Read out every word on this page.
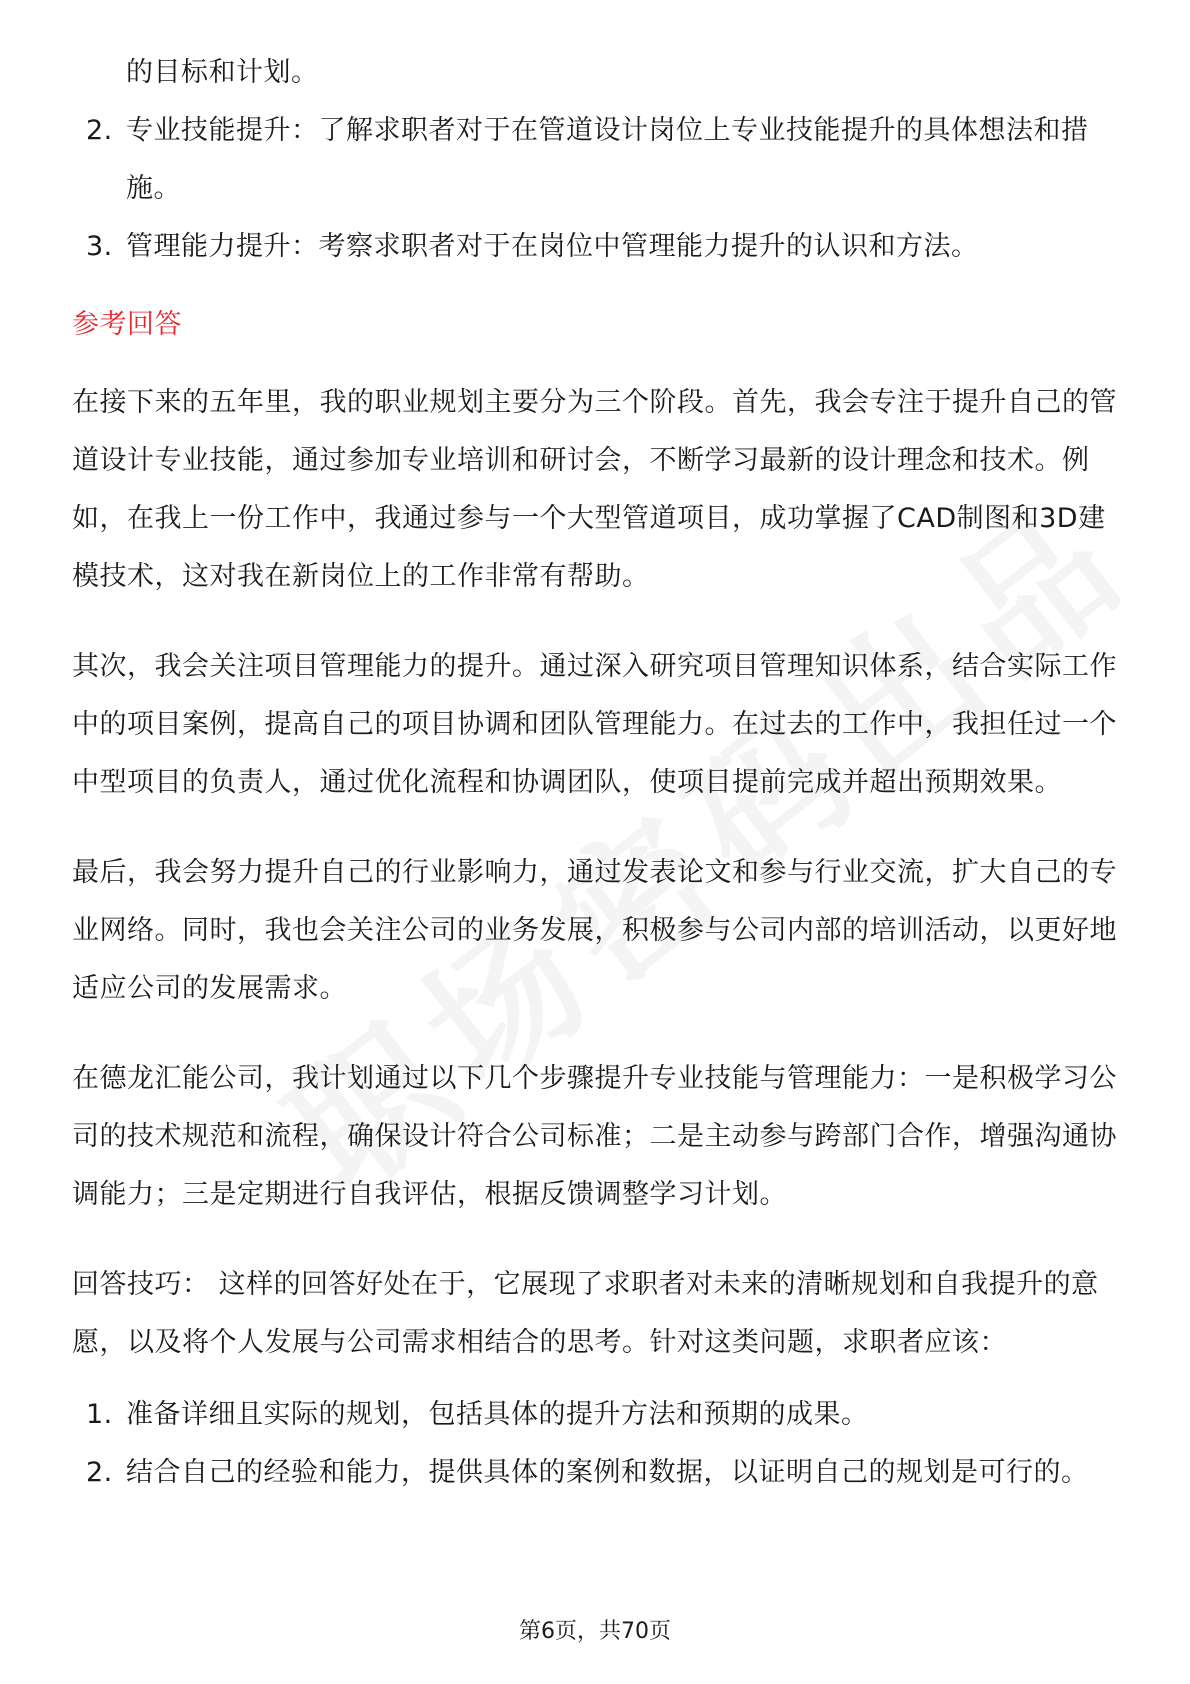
的目标和计划。
2. 专业技能提升：了解求职者对于在管道设计岗位上专业技能提升的具体想法和措施。
3. 管理能力提升：考察求职者对于在岗位中管理能力提升的认识和方法。
参考回答

在接下来的五年里，我的职业规划主要分为三个阶段。首先，我会专注于提升自己的管道设计专业技能，通过参加专业培训和研讨会，不断学习最新的设计理念和技术。例如，在我上一份工作中，我通过参与一个大型管道项目，成功掌握了CAD制图和3D建模技术，这对我在新岗位上的工作非常有帮助。

其次，我会关注项目管理能力的提升。通过深入研究项目管理知识体系，结合实际工作中的项目案例，提高自己的项目协调和团队管理能力。在过去的工作中，我担任过一个中型项目的负责人，通过优化流程和协调团队，使项目提前完成并超出预期效果。

最后，我会努力提升自己的行业影响力，通过发表论文和参与行业交流，扩大自己的专业网络。同时，我也会关注公司的业务发展，积极参与公司内部的培训活动，以更好地适应公司的发展需求。

在德龙汇能公司，我计划通过以下几个步骤提升专业技能与管理能力：一是积极学习公司的技术规范和流程，确保设计符合公司标准；二是主动参与跨部门合作，增强沟通协调能力；三是定期进行自我评估，根据反馈调整学习计划。

回答技巧： 这样的回答好处在于，它展现了求职者对未来的清晰规划和自我提升的意愿，以及将个人发展与公司需求相结合的思考。针对这类问题，求职者应该：

1. 准备详细且实际的规划，包括具体的提升方法和预期的成果。
2. 结合自己的经验和能力，提供具体的案例和数据，以证明自己的规划是可行的。
第6页，共70页
